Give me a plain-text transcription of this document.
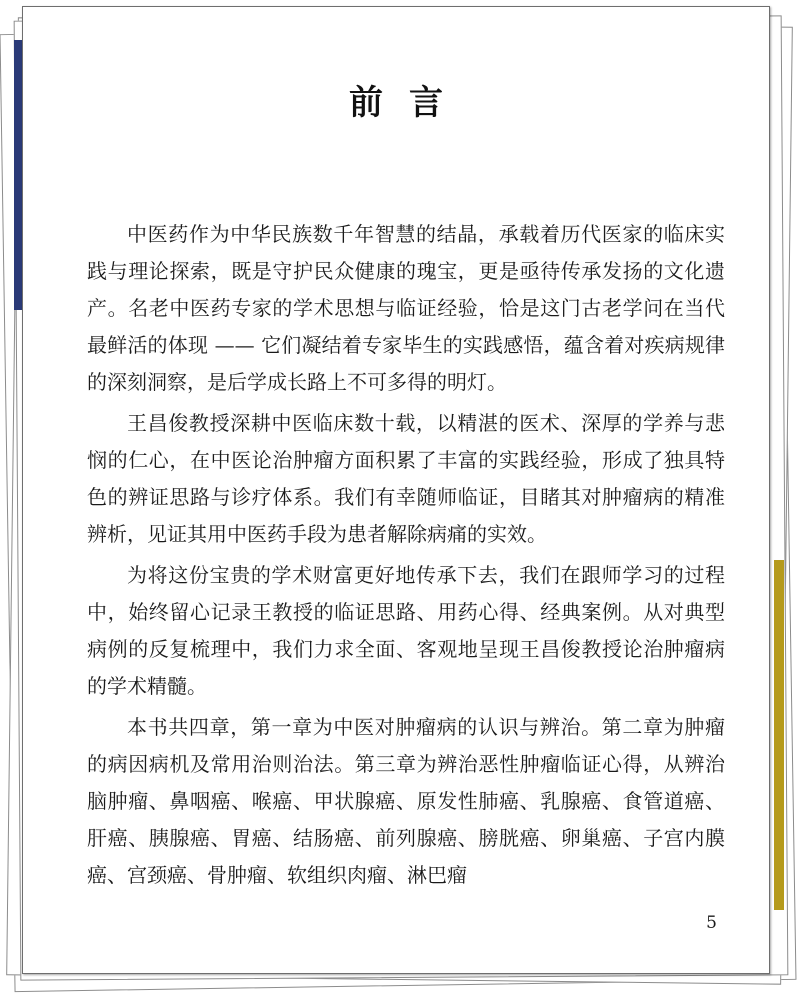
前言

中医药作为中华民族数千年智慧的结晶，承载着历代医家的临床实践与理论探索，既是守护民众健康的瑰宝，更是亟待传承发扬的文化遗产。名老中医药专家的学术思想与临证经验，恰是这门古老学问在当代最鲜活的体现 —— 它们凝结着专家毕生的实践感悟，蕴含着对疾病规律的深刻洞察，是后学成长路上不可多得的明灯。

王昌俊教授深耕中医临床数十载，以精湛的医术、深厚的学养与悲悯的仁心，在中医论治肿瘤方面积累了丰富的实践经验，形成了独具特色的辨证思路与诊疗体系。我们有幸随师临证，目睹其对肿瘤病的精准辨析，见证其用中医药手段为患者解除病痛的实效。

为将这份宝贵的学术财富更好地传承下去，我们在跟师学习的过程中，始终留心记录王教授的临证思路、用药心得、经典案例。从对典型病例的反复梳理中，我们力求全面、客观地呈现王昌俊教授论治肿瘤病的学术精髓。

本书共四章，第一章为中医对肿瘤病的认识与辨治。第二章为肿瘤的病因病机及常用治则治法。第三章为辨治恶性肿瘤临证心得，从辨治脑肿瘤、鼻咽癌、喉癌、甲状腺癌、原发性肺癌、乳腺癌、食管道癌、肝癌、胰腺癌、胃癌、结肠癌、前列腺癌、膀胱癌、卵巢癌、子宫内膜癌、宫颈癌、骨肿瘤、软组织肉瘤、淋巴瘤

5
